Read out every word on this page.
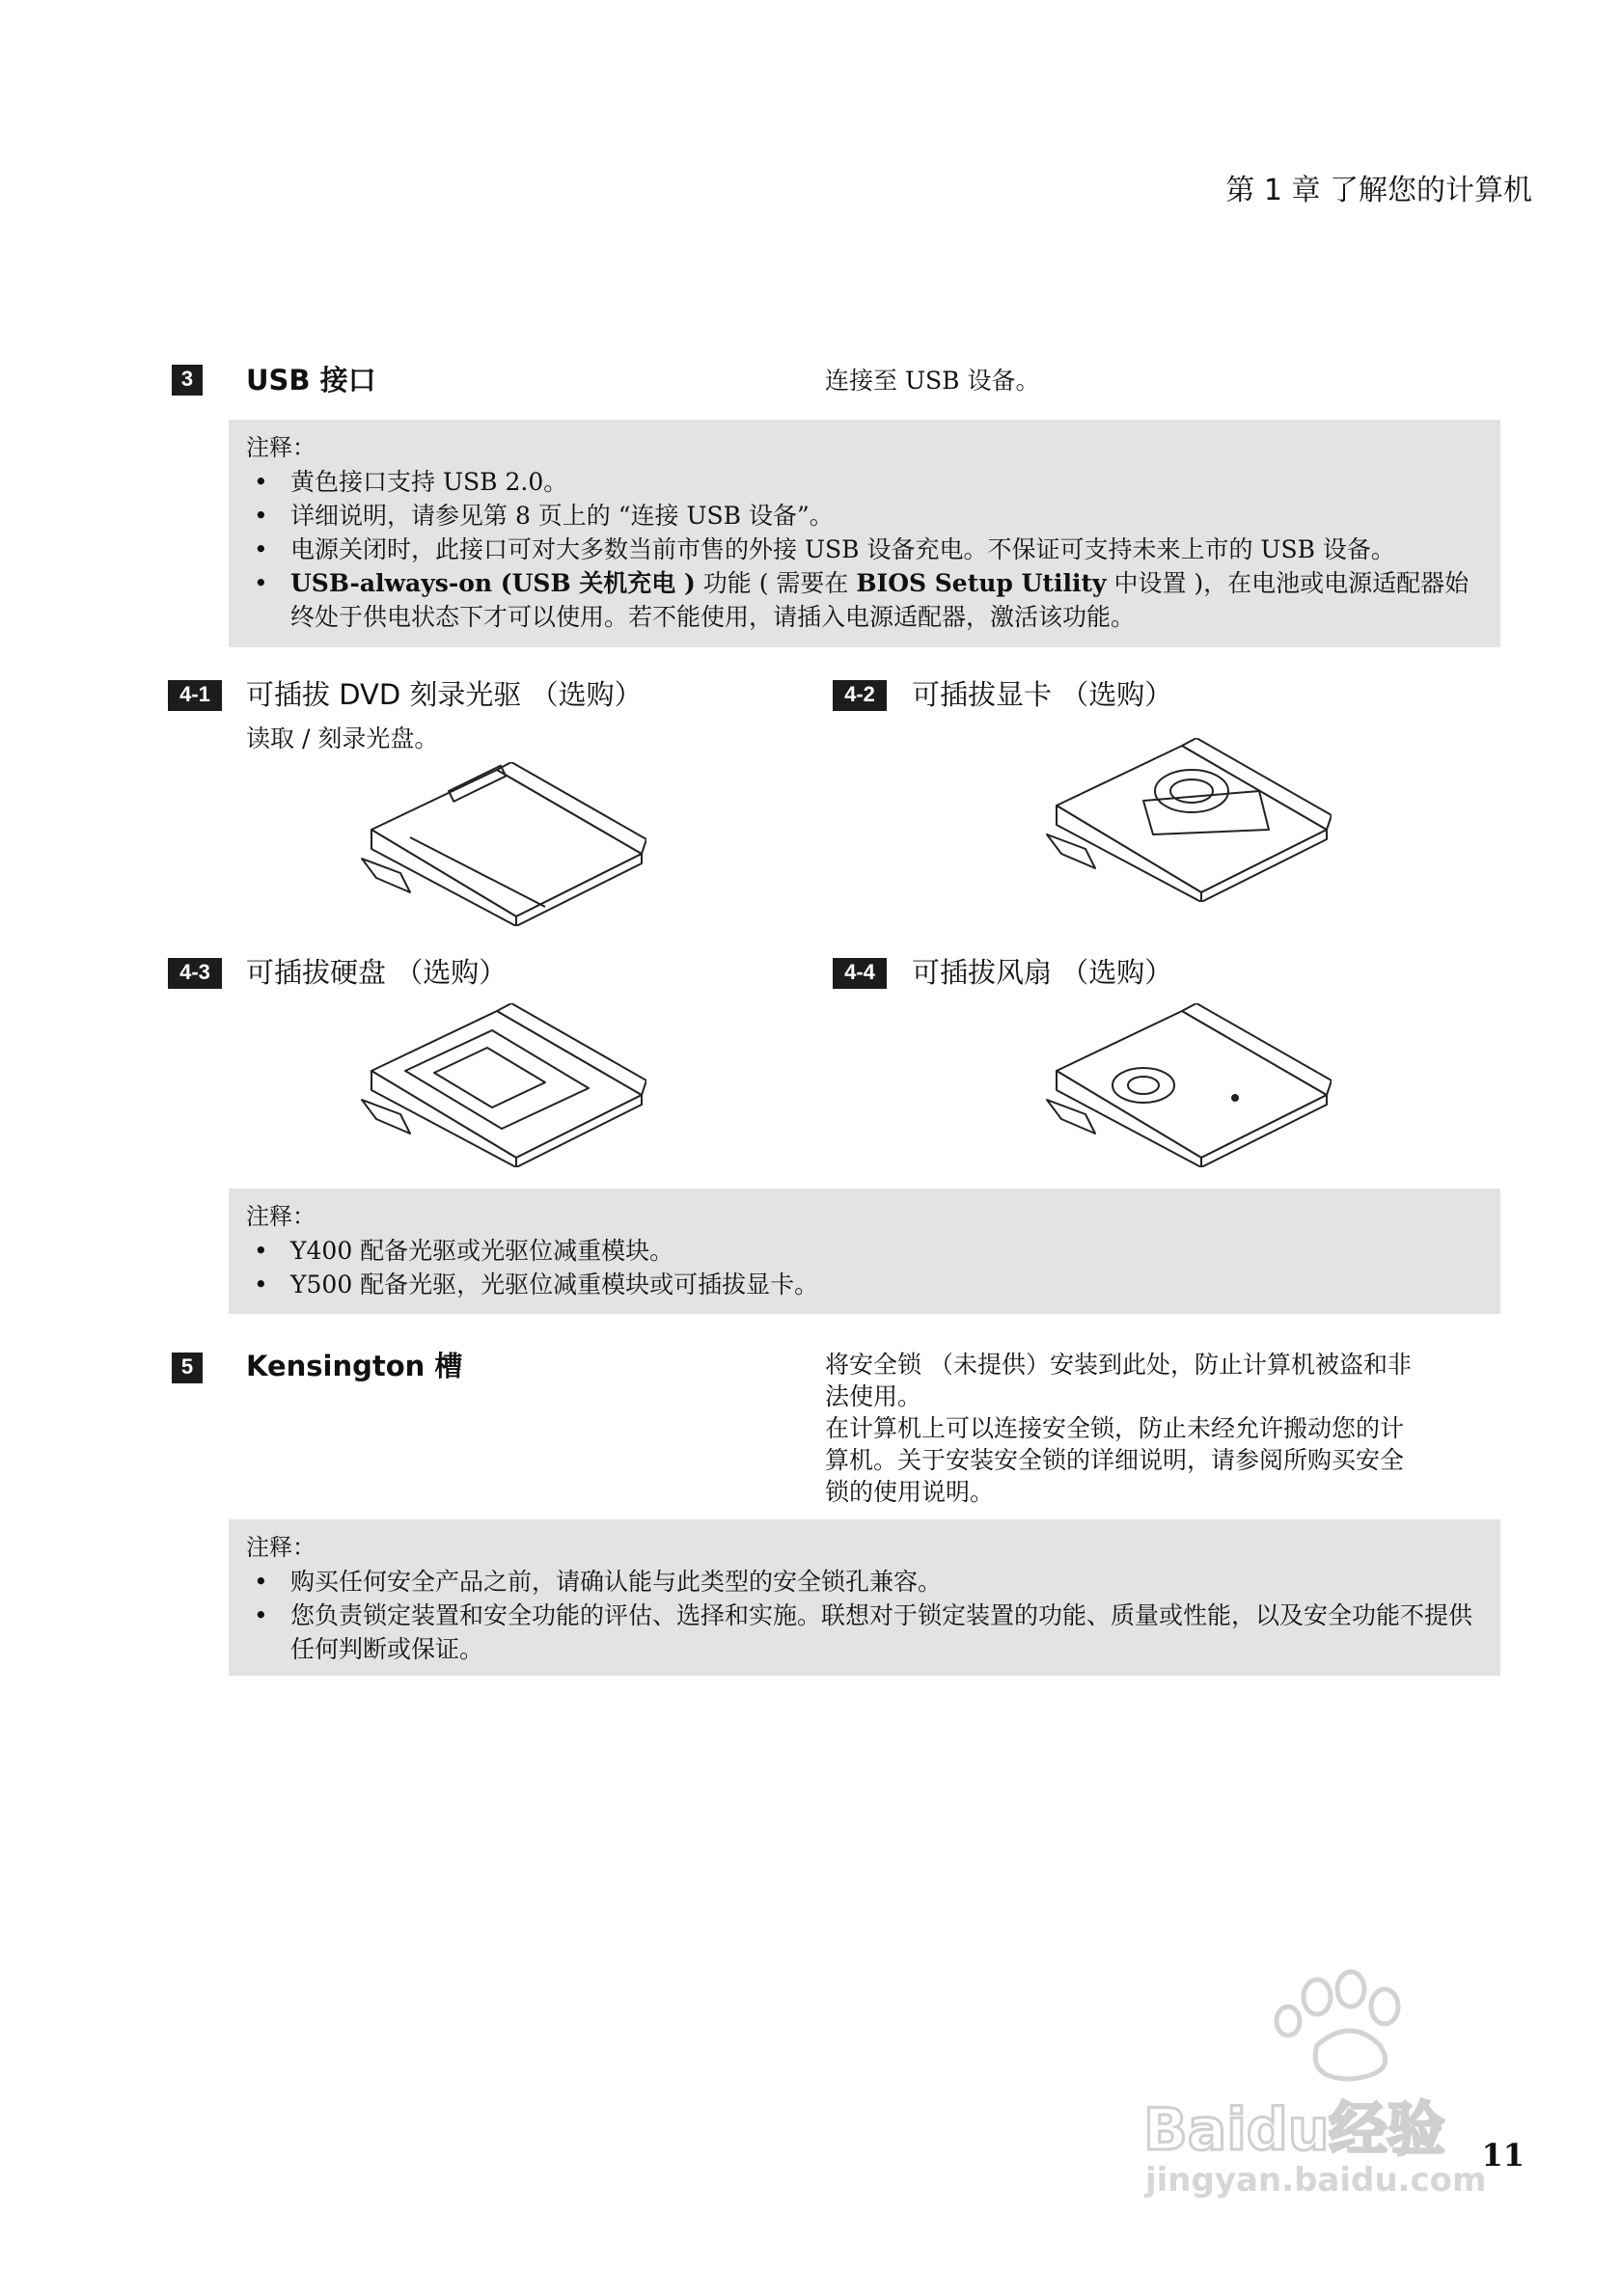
第 1 章 了解您的计算机
3	USB 接口	连接至 USB 设备。
注释：
• 黄色接口支持 USB 2.0。
• 详细说明，请参见第 8 页上的 “连接 USB 设备”。
• 电源关闭时，此接口可对大多数当前市售的外接 USB 设备充电。不保证可支持未来上市的 USB 设备。
• USB-always-on (USB 关机充电 ) 功能 ( 需要在 BIOS Setup Utility 中设置 )，在电池或电源适配器始终处于供电状态下才可以使用。若不能使用，请插入电源适配器，激活该功能。
4-1	可插拔 DVD 刻录光驱 （选购）
读取 / 刻录光盘。
4-2	可插拔显卡 （选购）
4-3	可插拔硬盘 （选购）	4-4	可插拔风扇 （选购）
注释：
• Y400 配备光驱或光驱位减重模块。
• Y500 配备光驱，光驱位减重模块或可插拔显卡。
5	Kensington 槽	将安全锁 （未提供）安装到此处，防止计算机被盗和非
法使用。
在计算机上可以连接安全锁，防止未经允许搬动您的计
算机。关于安装安全锁的详细说明，请参阅所购买安全
锁的使用说明。
注释：
• 购买任何安全产品之前，请确认能与此类型的安全锁孔兼容。
• 您负责锁定装置和安全功能的评估、选择和实施。联想对于锁定装置的功能、质量或性能，以及安全功能不提供任何判断或保证。
11
Baidu经验
jingyan.baidu.com
